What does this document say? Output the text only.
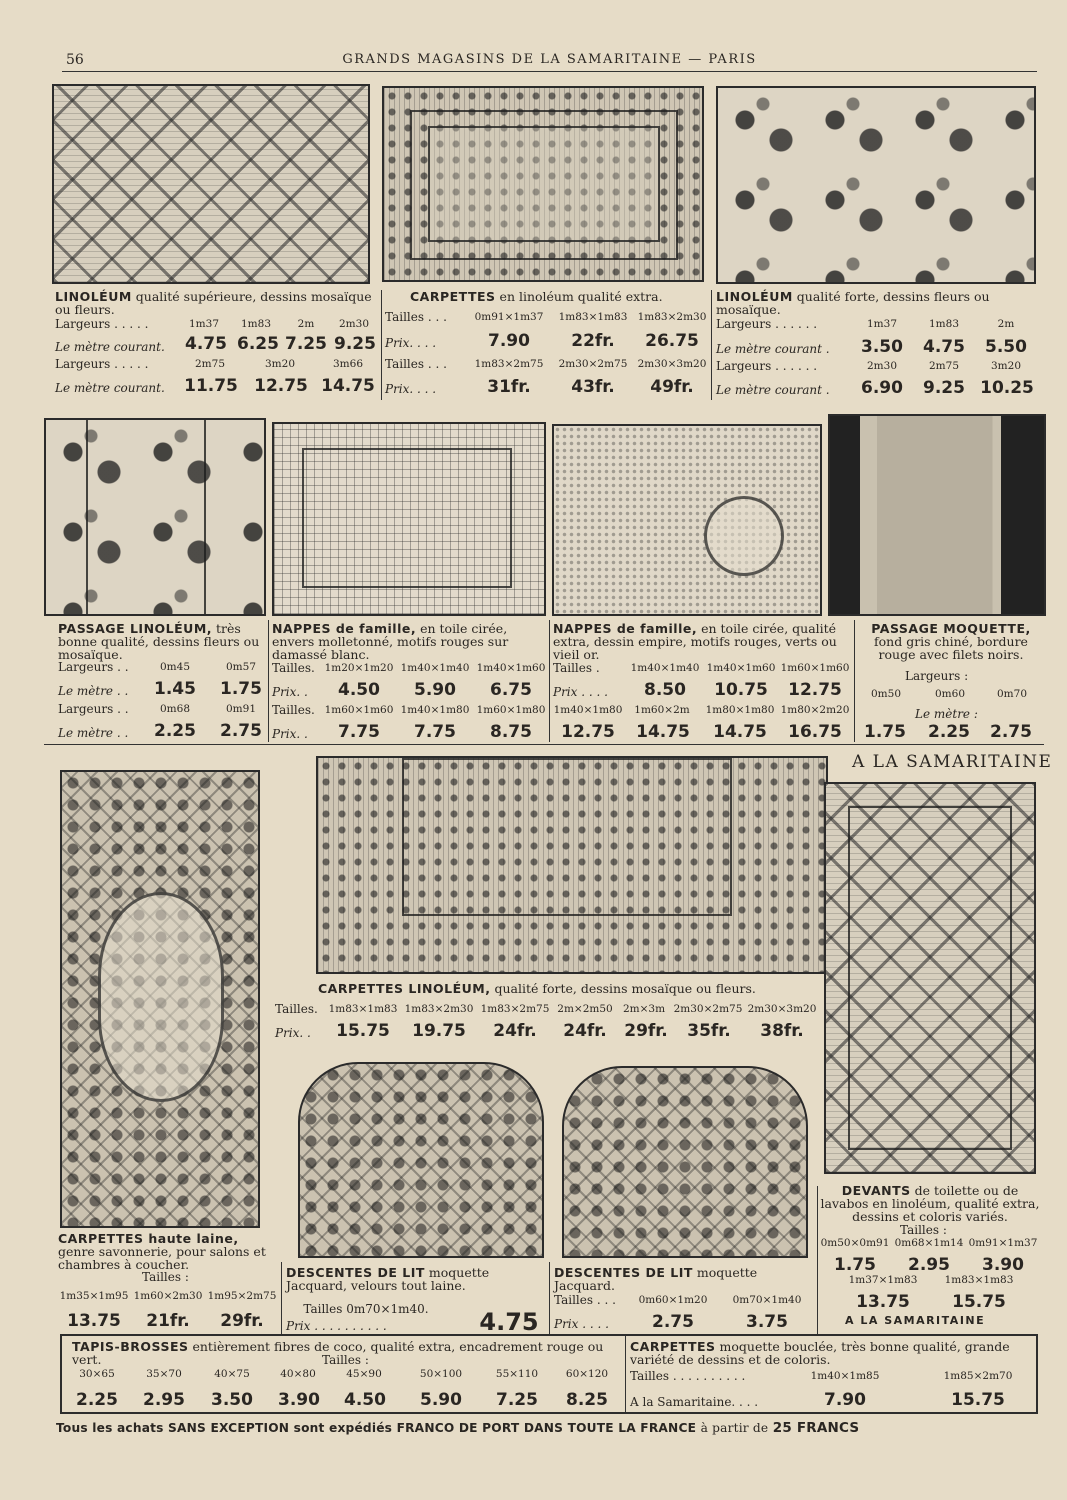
56	GRANDS MAGASINS DE LA SAMARITAINE — PARIS
LINOLÉUM qualité supérieure, dessins mosaïque ou fleurs.
Largeurs . . . . .	1m37	1m83	2m	2m30
Le mètre courant. 4.75 6.25 7.25 9.25
Largeurs . . . . .	2m75	3m20	3m66
Le mètre courant. 11.75 12.75 14.75
CARPETTES en linoléum qualité extra.
Tailles . . .	0m91×1m37	1m83×1m83 1m83×2m30
Prix. . . .	7.90	22fr.	26.75
Tailles . . .	1m83×2m75	2m30×2m75 2m30×3m20
Prix. . . .	31fr.	43fr.	49fr.
LINOLÉUM qualité forte, dessins fleurs ou mosaïque.
Largeurs . . . . . .	1m37	1m83	2m
Le mètre courant .	3.50	4.75	5.50
Largeurs . . . . . .	2m30	2m75	3m20
Le mètre courant .	6.90	9.25 10.25
PASSAGE LINOLÉUM, très bonne qualité, dessins fleurs ou mosaïque.
Largeurs . .	0m45	0m57
Le mètre . .	1.45	1.75
Largeurs . .	0m68	0m91
Le mètre . .	2.25	2.75
NAPPES de famille, en toile cirée, envers molletonné, motifs rouges sur damassé blanc.
Tailles. 1m20×1m20 1m40×1m40 1m40×1m60
Prix. .	4.50	5.90	6.75
Tailles. 1m60×1m60 1m40×1m80 1m60×1m80
Prix. .	7.75	7.75	8.75
NAPPES de famille, en toile cirée, qualité extra, dessin empire, motifs rouges, verts ou vieil or.
Tailles .	1m40×1m40 1m40×1m60 1m60×1m60
Prix . . . .	8.50	10.75	12.75
1m40×1m80	1m60×2m	1m80×1m80 1m80×2m20
12.75	14.75	14.75	16.75
PASSAGE MOQUETTE, fond gris chiné, bordure rouge avec filets noirs.
Largeurs :
0m50	0m60	0m70
Le mètre :
1.75	2.25	2.75
A LA SAMARITAINE
CARPETTES LINOLÉUM, qualité forte, dessins mosaïque ou fleurs.
Tailles. 1m83×1m83 1m83×2m30 1m83×2m75 2m×2m50 2m×3m 2m30×2m75 2m30×3m20
Prix. .	15.75	19.75	24fr.	24fr.	29fr.	35fr.	38fr.
CARPETTES haute laine, genre savonnerie, pour salons et chambres à coucher.
Tailles :
1m35×1m95 1m60×2m30 1m95×2m75
13.75	21fr.	29fr.
DESCENTES DE LIT moquette Jacquard, velours tout laine.
Tailles 0m70×1m40.
Prix . . . . . . . . . .	4.75
DESCENTES DE LIT moquette Jacquard.
Tailles . . .	0m60×1m20	0m70×1m40
Prix . . . .	2.75	3.75
DEVANTS de toilette ou de lavabos en linoléum, qualité extra, dessins et coloris variés.
Tailles :
0m50×0m91 0m68×1m14 0m91×1m37
1.75	2.95	3.90
1m37×1m83	1m83×1m83
13.75	15.75
A LA SAMARITAINE
TAPIS-BROSSES entièrement fibres de coco, qualité extra, encadrement rouge ou vert.	Tailles :
30×65	35×70	40×75	40×80	45×90	50×100	55×110	60×120
2.25	2.95	3.50	3.90	4.50	5.90	7.25	8.25
CARPETTES moquette bouclée, très bonne qualité, grande variété de dessins et de coloris.
Tailles . . . . . . . . . .	1m40×1m85	1m85×2m70
A la Samaritaine. . . .	7.90	15.75
Tous les achats SANS EXCEPTION sont expédiés FRANCO DE PORT DANS TOUTE LA FRANCE à partir de 25 FRANCS
